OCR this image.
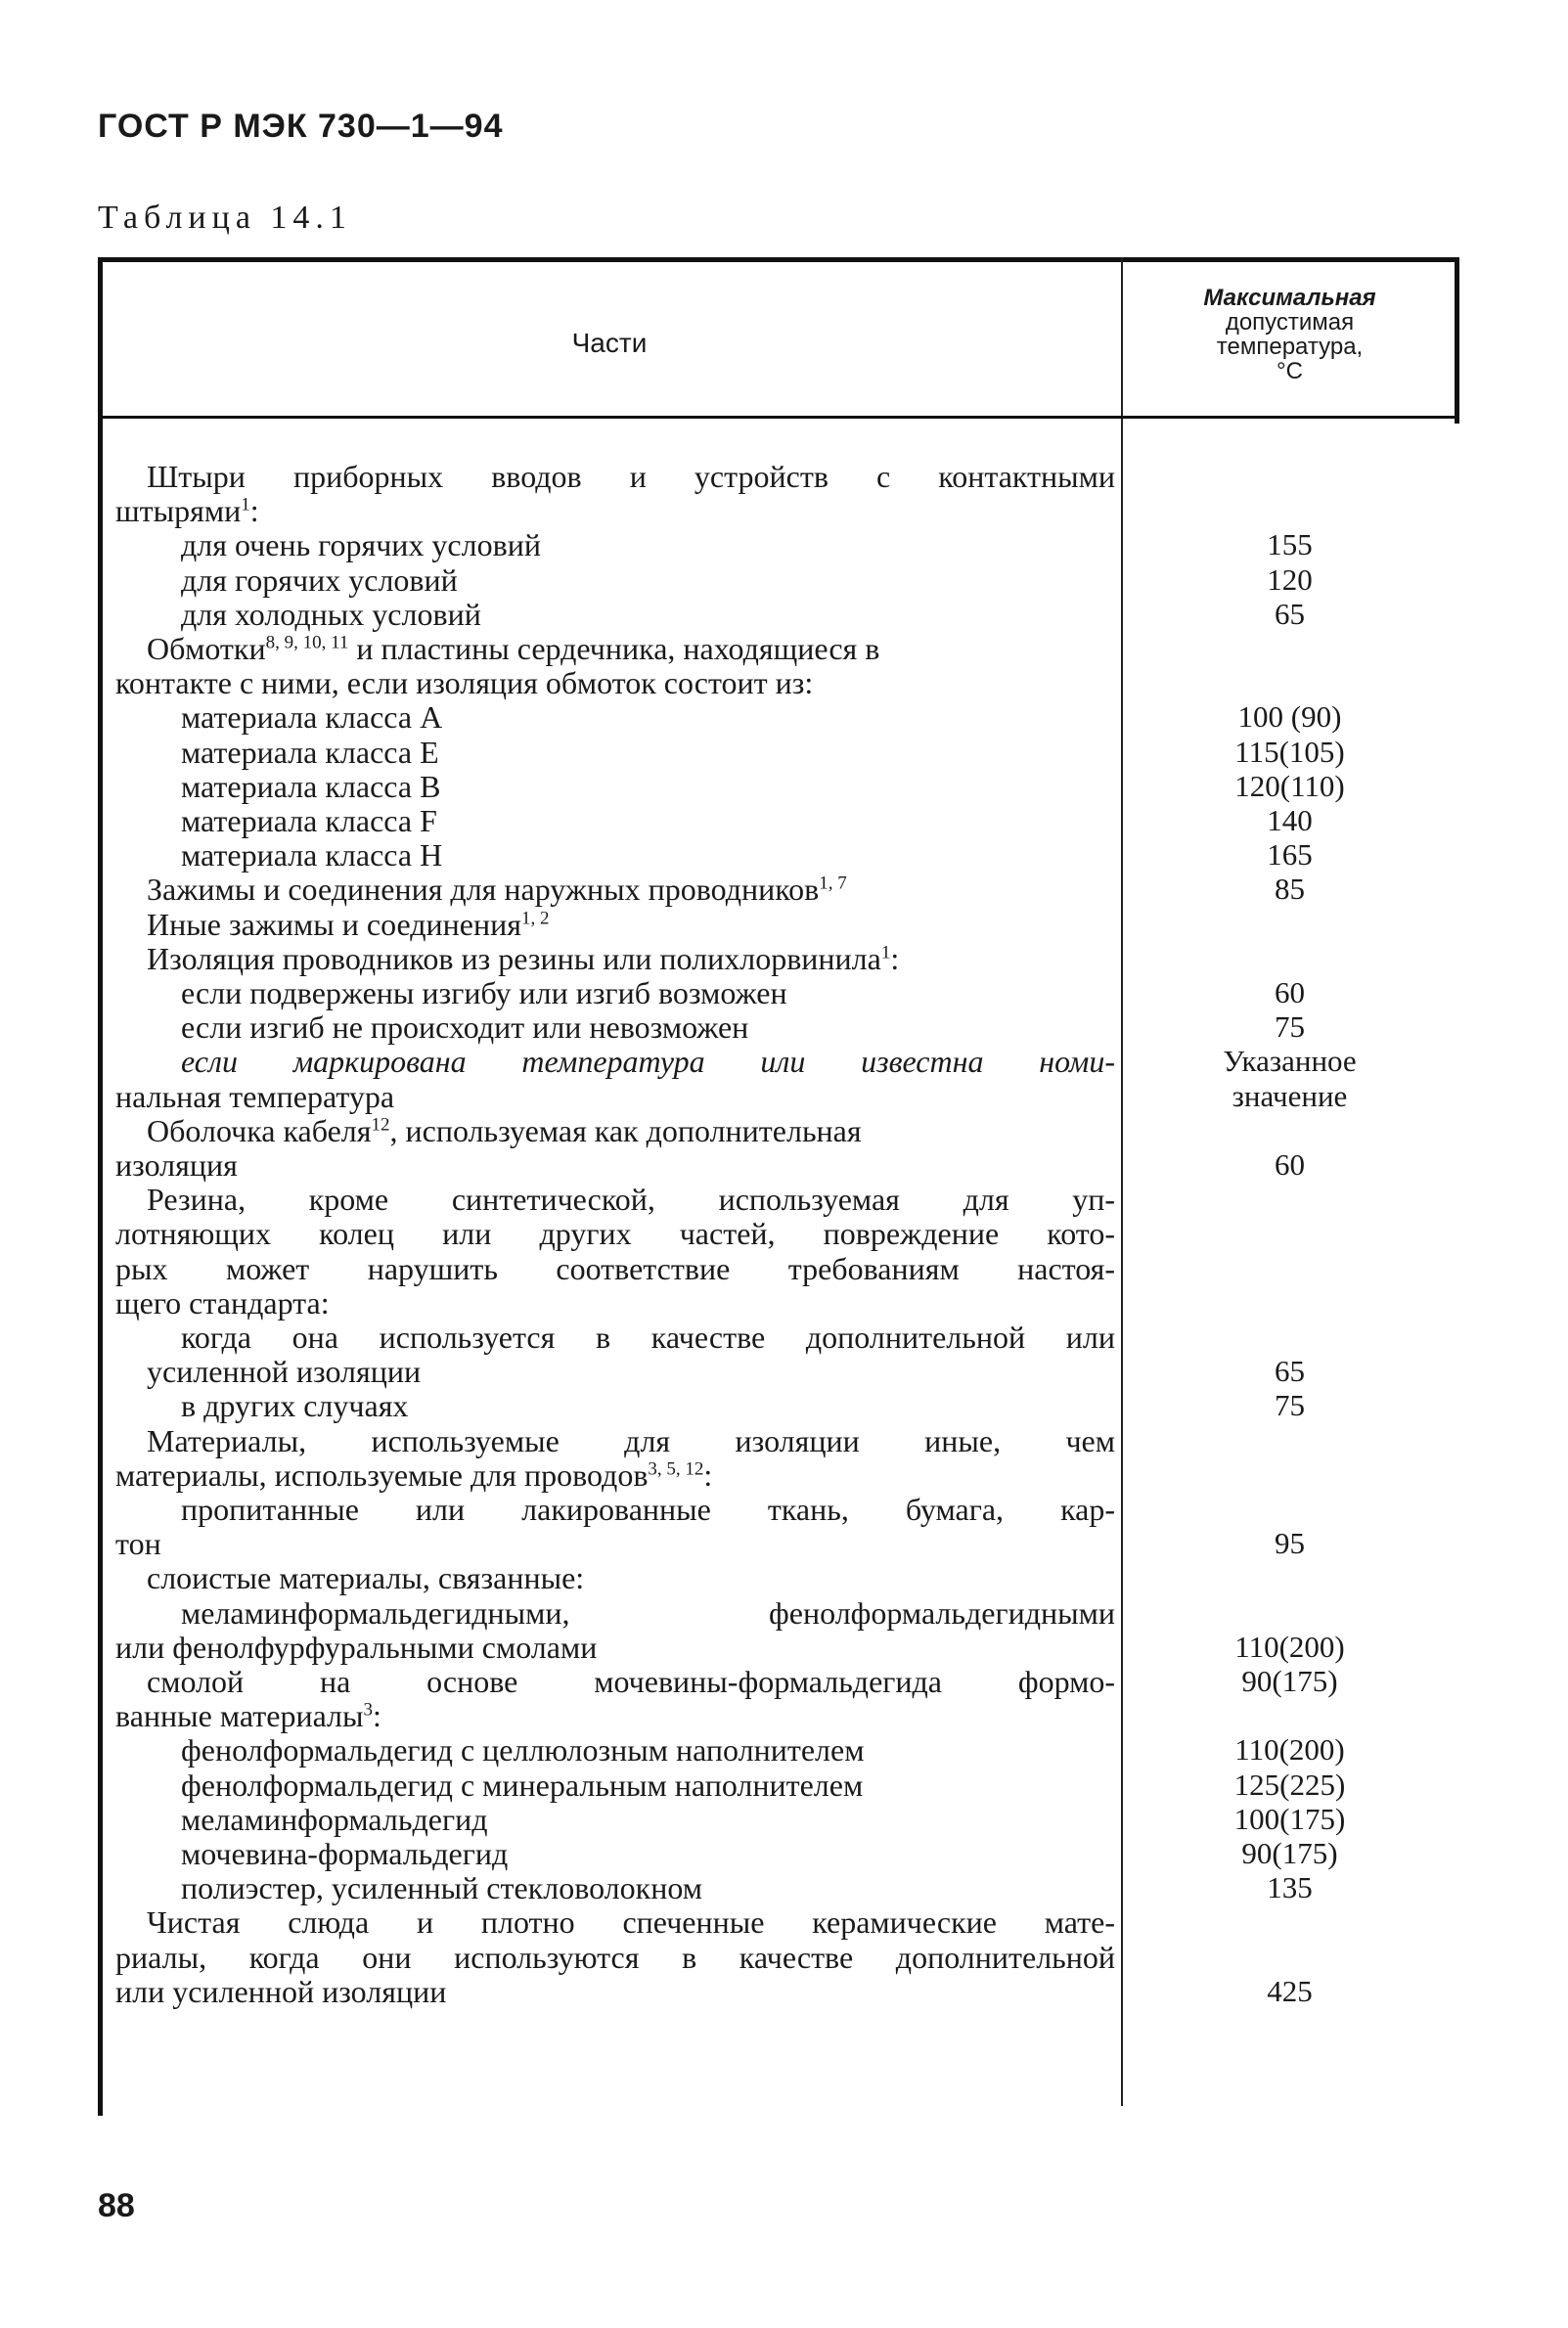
ГОСТ Р МЭК 730—1—94
Таблица 14.1
Части
Максимальная
допустимая
температура,
°С
Штыри приборных вводов и устройств с контактными
штырями$^1$:
для очень горячих условий	155
для горячих условий	120
для холодных условий	65
Обмотки$^{8, 9, 10, 11}$ и пластины сердечника, находящиеся в
контакте с ними, если изоляция обмоток состоит из:
материала класса А	100 (90)
материала класса Е	115(105)
материала класса В	120(110)
материала класса F	140
материала класса Н	165
Зажимы и соединения для наружных проводников$^{1, 7}$	85
Иные зажимы и соединения$^{1, 2}$
Изоляция проводников из резины или полихлорвинила$^1$:
если подвержены изгибу или изгиб возможен	60
если изгиб не происходит или невозможен	75
если маркирована температура или известна номи-	Указанное
нальная температура	значение
Оболочка кабеля$^{12}$, используемая как дополнительная
изоляция	60
Резина, кроме синтетической, используемая для уп-
лотняющих колец или других частей, повреждение кото-
рых может нарушить соответствие требованиям настоя-
щего стандарта:
когда она используется в качестве дополнительной или
усиленной изоляции	65
в других случаях	75
Материалы, используемые для изоляции иные, чем
материалы, используемые для проводов$^{3, 5, 12}$:
пропитанные или лакированные ткань, бумага, кар-
тон	95
слоистые материалы, связанные:
меламинформальдегидными, фенолформальдегидными
или фенолфурфуральными смолами	110(200)
смолой на основе мочевины-формальдегида формо-	90(175)
ванные материалы$^3$:
фенолформальдегид с целлюлозным наполнителем	110(200)
фенолформальдегид с минеральным наполнителем	125(225)
меламинформальдегид	100(175)
мочевина-формальдегид	90(175)
полиэстер, усиленный стекловолокном	135
Чистая слюда и плотно спеченные керамические мате-
риалы, когда они используются в качестве дополнительной
или усиленной изоляции	425
88
